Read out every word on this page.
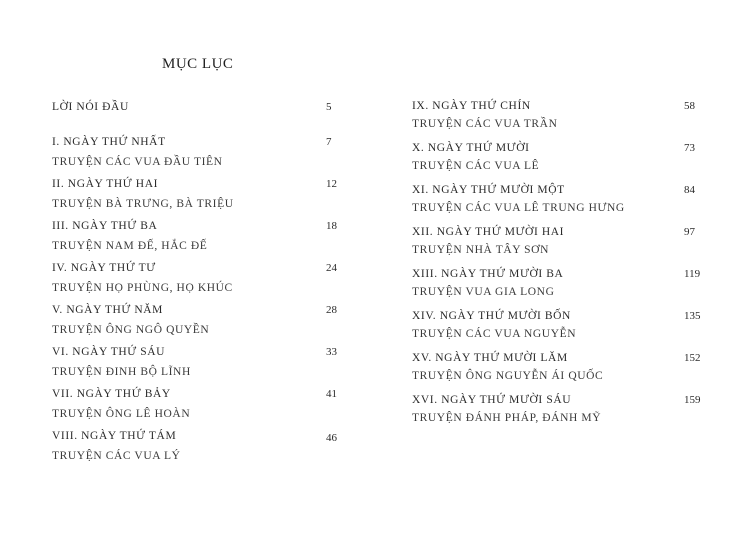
MỤC LỤC
LỜI NÓI ĐẦU	5
I. NGÀY THỨ NHẤT
TRUYỆN CÁC VUA ĐẦU TIÊN
7
II. NGÀY THỨ HAI
TRUYỆN BÀ TRƯNG, BÀ TRIỆU
12
III. NGÀY THỨ BA
TRUYỆN NAM ĐẾ, HẮC ĐẾ
18
IV. NGÀY THỨ TƯ
TRUYỆN HỌ PHÙNG, HỌ KHÚC
24
V. NGÀY THỨ NĂM
TRUYỆN ÔNG NGÔ QUYỀN
28
VI. NGÀY THỨ SÁU
TRUYỆN ĐINH BỘ LĨNH
33
VII. NGÀY THỨ BẢY
TRUYỆN ÔNG LÊ HOÀN
41
VIII. NGÀY THỨ TÁM
TRUYỆN CÁC VUA LÝ
46
IX. NGÀY THỨ CHÍN
TRUYỆN CÁC VUA TRẦN
58
X. NGÀY THỨ MƯỜI
TRUYỆN CÁC VUA LÊ
73
XI. NGÀY THỨ MƯỜI MỘT
TRUYỆN CÁC VUA LÊ TRUNG HƯNG
84
XII. NGÀY THỨ MƯỜI HAI
TRUYỆN NHÀ TÂY SƠN
97
XIII. NGÀY THỨ MƯỜI BA
TRUYỆN VUA GIA LONG
119
XIV. NGÀY THỨ MƯỜI BỐN
TRUYỆN CÁC VUA NGUYỄN
135
XV. NGÀY THỨ MƯỜI LĂM
TRUYỆN ÔNG NGUYỄN ÁI QUỐC
152
XVI. NGÀY THỨ MƯỜI SÁU
TRUYỆN ĐÁNH PHÁP, ĐÁNH MỸ
159
